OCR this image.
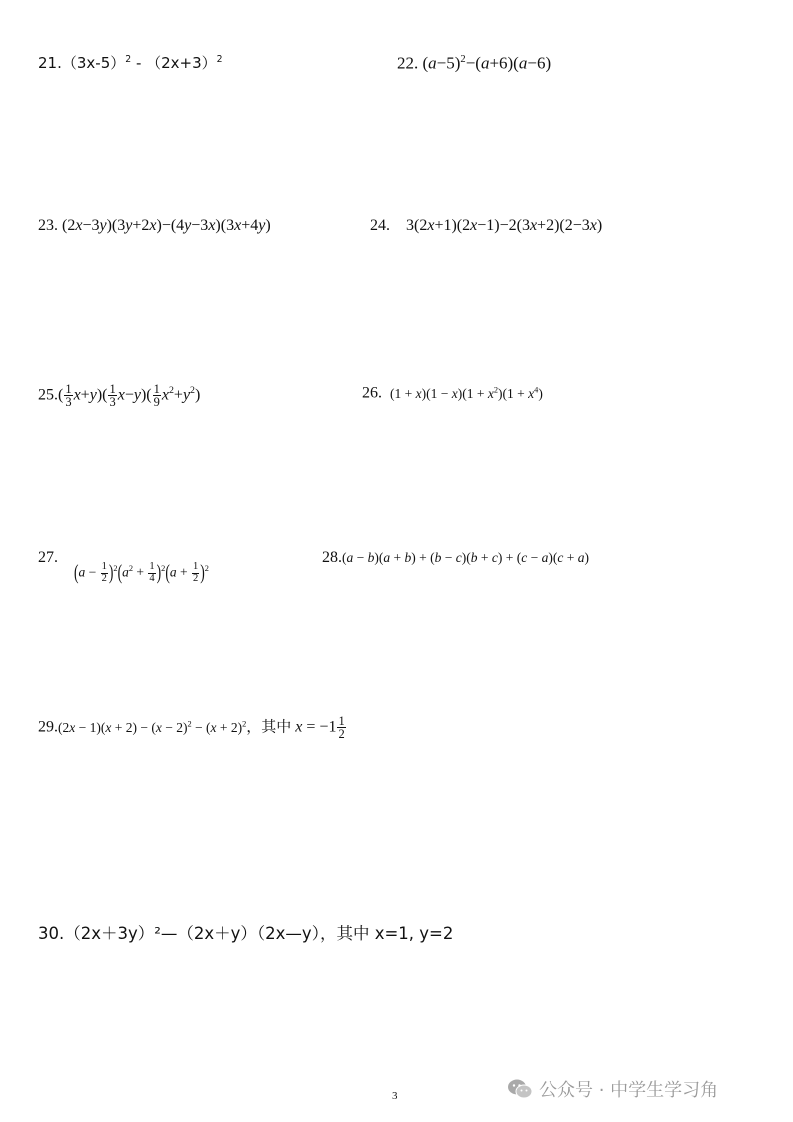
$21.(3x-5)^2 - (2x+3)^2$	22. $(a-5)^2-(a+6)(a-6)$
23. (2x−3y)(3y+2x)−(4y−3x)(3x+4y)	24.    3(2x+1)(2x−1)−2(3x+2)(2−3x)
$25.( \frac{1}{3} x+y)( \frac{1}{3} x-y)( \frac{1}{9} x^2+y^2)$	26. $(1 + x)(1 - x)(1 + x^2)(1 + x^4)$
27.
$(a - \frac{1}{2} )^2(a^2 + \frac{1}{4} )^2(a + \frac{1}{2} )^2$
28.(a − b)(a + b) + (b − c)(b + c) + (c − a)(c + a)
$29.(2x - 1)(x + 2) - (x - 2)^2 - (x + 2)^2$，其中 $x = -1 \frac{1}{2}$
30.（2x＋3y）²—（2x＋y）（2x—y），其中 x=1, y=2
3	公众号 · 中学生学习角
